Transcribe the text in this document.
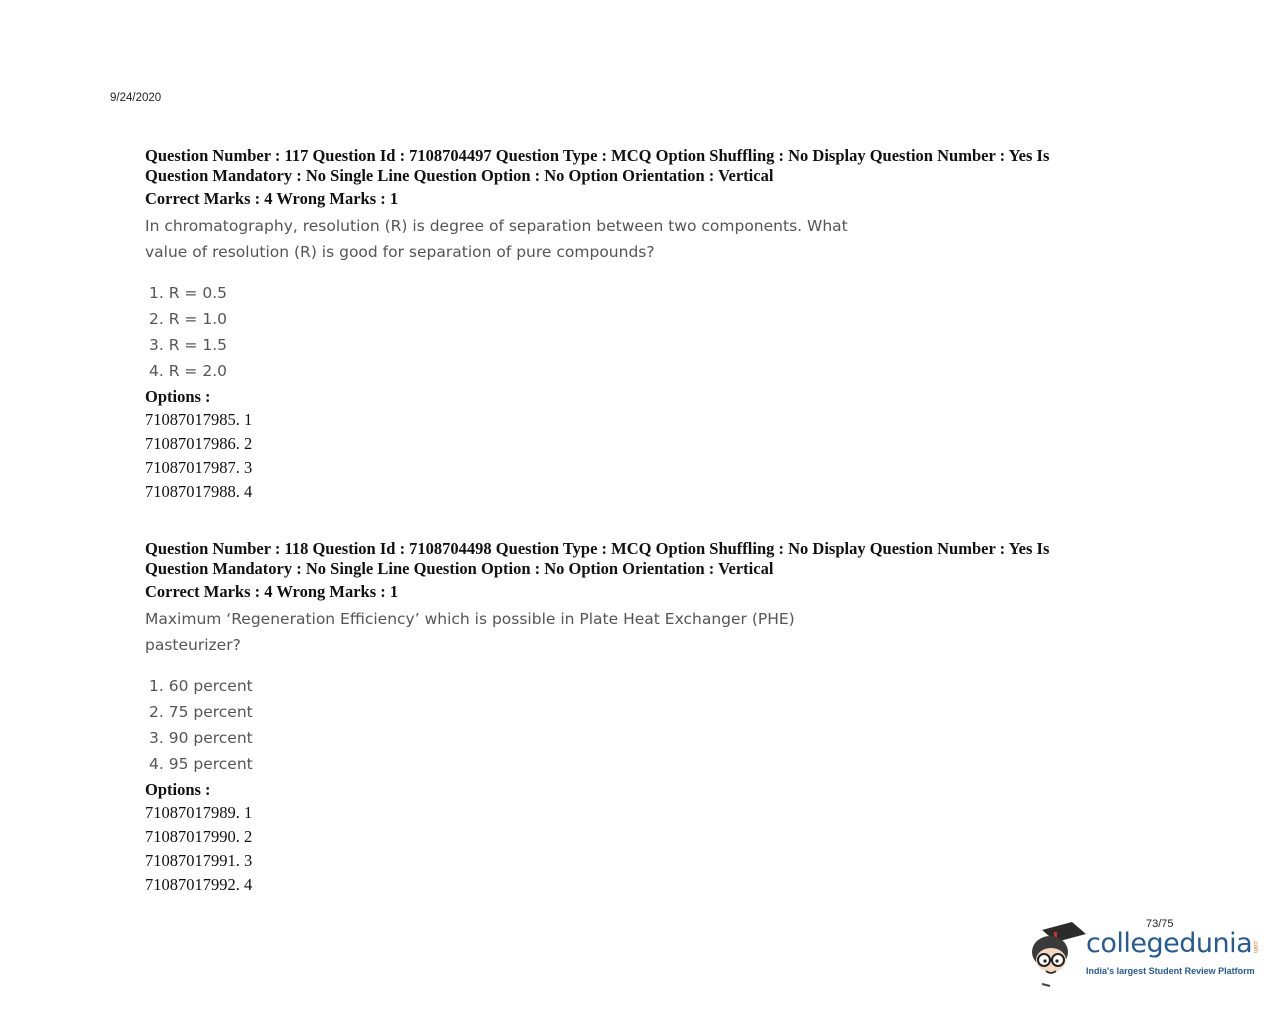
9/24/2020
Question Number : 117 Question Id : 7108704497 Question Type : MCQ Option Shuffling : No Display Question Number : Yes Is
Question Mandatory : No Single Line Question Option : No Option Orientation : Vertical
Correct Marks : 4 Wrong Marks : 1
In chromatography, resolution (R) is degree of separation between two components. What
value of resolution (R) is good for separation of pure compounds?
1. R = 0.5
2. R = 1.0
3. R = 1.5
4. R = 2.0
Options :
71087017985. 1
71087017986. 2
71087017987. 3
71087017988. 4
Question Number : 118 Question Id : 7108704498 Question Type : MCQ Option Shuffling : No Display Question Number : Yes Is
Question Mandatory : No Single Line Question Option : No Option Orientation : Vertical
Correct Marks : 4 Wrong Marks : 1
Maximum ‘Regeneration Efficiency’ which is possible in Plate Heat Exchanger (PHE)
pasteurizer?
1. 60 percent
2. 75 percent
3. 90 percent
4. 95 percent
Options :
71087017989. 1
71087017990. 2
71087017991. 3
71087017992. 4
73/75
collegedunia .com
India's largest Student Review Platform
